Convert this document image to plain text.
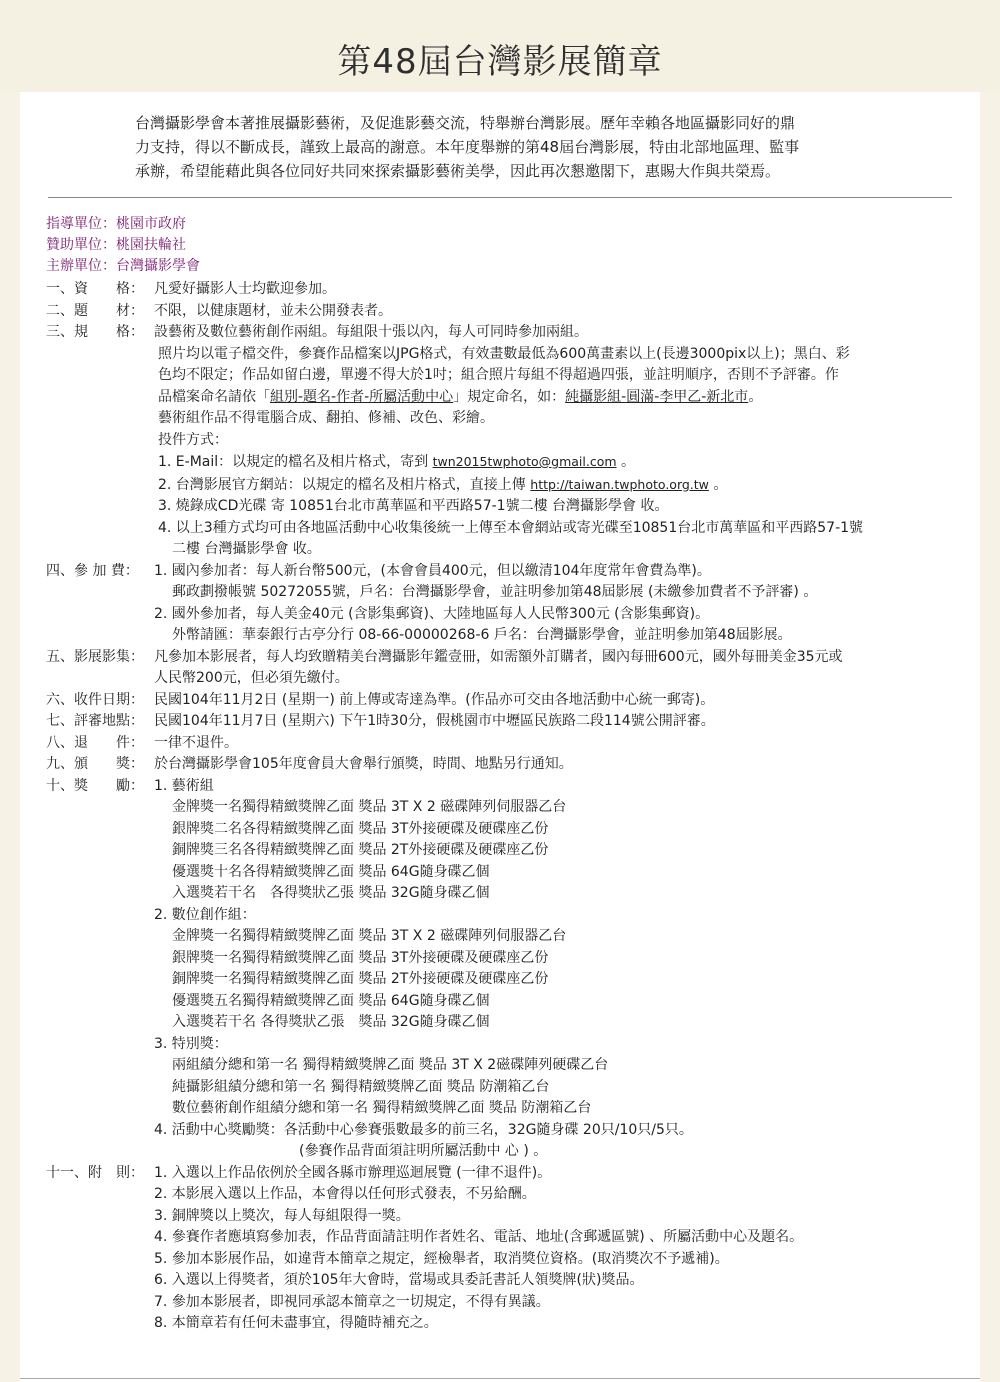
第48屆台灣影展簡章
台灣攝影學會本著推展攝影藝術，及促進影藝交流，特舉辦台灣影展。歷年幸賴各地區攝影同好的鼎
力支持，得以不斷成長，謹致上最高的謝意。本年度舉辦的第48屆台灣影展，特由北部地區理、監事
承辦，希望能藉此與各位同好共同來探索攝影藝術美學，因此再次懇邀閣下，惠賜大作與共榮焉。
指導單位：桃園市政府
贊助單位：桃園扶輪社
主辦單位：台灣攝影學會
一、資　　格： 凡愛好攝影人士均歡迎參加。
二、題　　材： 不限，以健康題材，並未公開發表者。
三、規　　格： 設藝術及數位藝術創作兩組。每組限十張以內，每人可同時參加兩組。
照片均以電子檔交件，參賽作品檔案以JPG格式，有效畫數最低為600萬畫素以上(長邊3000pix以上)；黑白、彩
色均不限定；作品如留白邊，單邊不得大於1吋；組合照片每組不得超過四張，並註明順序，否則不予評審。作
品檔案命名請依「組別-題名-作者-所屬活動中心」規定命名，如：純攝影組-圓滿-李甲乙-新北市。
藝術組作品不得電腦合成、翻拍、修補、改色、彩繪。
投件方式：
1. E-Mail：以規定的檔名及相片格式，寄到 twn2015twphoto@gmail.com 。
2. 台灣影展官方網站：以規定的檔名及相片格式，直接上傳 http://taiwan.twphoto.org.tw 。
3. 燒錄成CD光碟 寄 10851台北市萬華區和平西路57-1號二樓 台灣攝影學會 收。
4. 以上3種方式均可由各地區活動中心收集後統一上傳至本會網站或寄光碟至10851台北市萬華區和平西路57-1號
二樓 台灣攝影學會 收。
四、參 加 費：	1. 國內參加者：每人新台幣500元，(本會會員400元，但以繳清104年度常年會費為準)。
郵政劃撥帳號 50272055號，戶名：台灣攝影學會，並註明參加第48屆影展 (未繳參加費者不予評審) 。
2. 國外參加者，每人美金40元 (含影集郵資)、大陸地區每人人民幣300元 (含影集郵資)。
外幣請匯：華泰銀行古亭分行 08-66-00000268-6 戶名：台灣攝影學會，並註明參加第48屆影展。
五、影展影集： 凡參加本影展者，每人均致贈精美台灣攝影年鑑壹冊，如需額外訂購者，國內每冊600元，國外每冊美金35元或
人民幣200元，但必須先繳付。
六、收件日期： 民國104年11月2日 (星期一) 前上傳或寄達為準。(作品亦可交由各地活動中心統一郵寄)。
七、評審地點： 民國104年11月7日 (星期六) 下午1時30分，假桃園市中壢區民族路二段114號公開評審。
八、退　　件： 一律不退件。
九、頒　　獎： 於台灣攝影學會105年度會員大會舉行頒獎，時間、地點另行通知。
十、獎　　勵： 1. 藝術組
金牌獎一名獨得精緻獎牌乙面 獎品 3T X 2 磁碟陣列伺服器乙台
銀牌獎二名各得精緻獎牌乙面 獎品 3T外接硬碟及硬碟座乙份
銅牌獎三名各得精緻獎牌乙面 獎品 2T外接硬碟及硬碟座乙份
優選獎十名各得精緻獎牌乙面 獎品 64G隨身碟乙個
入選獎若干名　各得獎狀乙張 獎品 32G隨身碟乙個
2. 數位創作組：
金牌獎一名獨得精緻獎牌乙面 獎品 3T X 2 磁碟陣列伺服器乙台
銀牌獎一名獨得精緻獎牌乙面 獎品 3T外接硬碟及硬碟座乙份
銅牌獎一名獨得精緻獎牌乙面 獎品 2T外接硬碟及硬碟座乙份
優選獎五名獨得精緻獎牌乙面 獎品 64G隨身碟乙個
入選獎若干名 各得獎狀乙張　獎品 32G隨身碟乙個
3. 特別獎：
兩組績分總和第一名 獨得精緻獎牌乙面 獎品 3T X 2磁碟陣列硬碟乙台
純攝影組績分總和第一名 獨得精緻獎牌乙面 獎品 防潮箱乙台
數位藝術創作組績分總和第一名 獨得精緻獎牌乙面 獎品 防潮箱乙台
4. 活動中心獎勵獎：各活動中心參賽張數最多的前三名，32G隨身碟 20只/10只/5只。
(參賽作品背面須註明所屬活動中 心 ) 。
十一、附　則： 1. 入選以上作品依例於全國各縣市辦理巡迴展覽 (一律不退件)。
2. 本影展入選以上作品，本會得以任何形式發表，不另給酬。
3. 銅牌獎以上獎次，每人每組限得一獎。
4. 參賽作者應填寫參加表，作品背面請註明作者姓名、電話、地址(含郵遞區號) 、所屬活動中心及題名。
5. 參加本影展作品，如違背本簡章之規定，經檢舉者，取消獎位資格。(取消獎次不予遞補)。
6. 入選以上得獎者，須於105年大會時，當場或具委託書託人領獎牌(狀)獎品。
7. 參加本影展者，即視同承認本簡章之一切規定，不得有異議。
8. 本簡章若有任何未盡事宜，得隨時補充之。
